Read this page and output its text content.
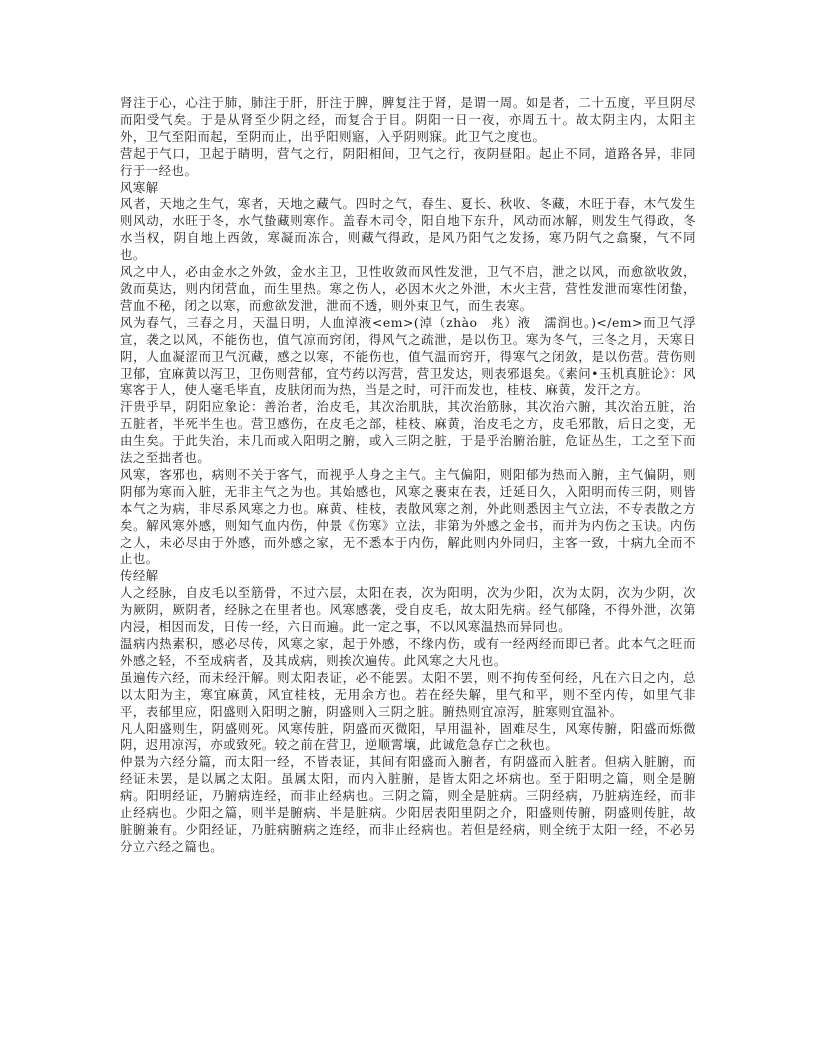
肾注于心，心注于肺，肺注于肝，肝注于脾，脾复注于肾，是谓一周。如是者，二十五度，平旦阴尽而阳受气矣。于是从肾至少阴之经，而复合于目。阴阳一日一夜，亦周五十。故太阴主内，太阳主外，卫气至阳而起，至阴而止，出乎阳则寤，入乎阴则寐。此卫气之度也。

营起于气口，卫起于睛明，营气之行，阴阳相间，卫气之行，夜阴昼阳。起止不同，道路各异，非同行于一经也。

风寒解

风者，天地之生气，寒者，天地之藏气。四时之气，春生、夏长、秋收、冬藏，木旺于春，木气发生则风动，水旺于冬，水气蛰藏则寒作。盖春木司令，阳自地下东升，风动而冰解，则发生气得政，冬水当权，阴自地上西敛，寒凝而冻合，则藏气得政，是风乃阳气之发扬，寒乃阴气之翕聚，气不同也。

风之中人，必由金水之外敛，金水主卫，卫性收敛而风性发泄，卫气不启，泄之以风，而愈欲收敛，敛而莫达，则内闭营血，而生里热。寒之伤人，必因木火之外泄，木火主营，营性发泄而寒性闭蛰，营血不秘，闭之以寒，而愈欲发泄，泄而不透，则外束卫气，而生表寒。

风为春气，三春之月，天温日明，人血淖液<em>(淖（zhào　兆）液　濡润也。)</em>而卫气浮宣，袭之以风，不能伤也，值气凉而窍闭，得风气之疏泄，是以伤卫。寒为冬气，三冬之月，天寒日阴，人血凝涩而卫气沉藏，感之以寒，不能伤也，值气温而窍开，得寒气之闭敛，是以伤营。营伤则卫郁，宜麻黄以泻卫，卫伤则营郁，宜芍药以泻营，营卫发达，则表邪退矣。《素问•玉机真脏论》：风寒客于人，使人毫毛毕直，皮肤闭而为热，当是之时，可汗而发也，桂枝、麻黄，发汗之方。

汗贵乎早，阴阳应象论：善治者，治皮毛，其次治肌肤，其次治筋脉，其次治六腑，其次治五脏，治五脏者，半死半生也。营卫感伤，在皮毛之部，桂枝、麻黄，治皮毛之方，皮毛邪散，后日之变，无由生矣。于此失治，未几而或入阳明之腑，或入三阴之脏，于是乎治腑治脏，危证丛生，工之至下而法之至拙者也。

风寒，客邪也，病则不关于客气，而视乎人身之主气。主气偏阳，则阳郁为热而入腑，主气偏阴，则阴郁为寒而入脏，无非主气之为也。其始感也，风寒之裹束在表，迁延日久，入阳明而传三阴，则皆本气之为病，非尽系风寒之力也。麻黄、桂枝，表散风寒之剂，外此则悉因主气立法，不专表散之方矣。解风寒外感，则知气血内伤，仲景《伤寒》立法，非第为外感之金书，而并为内伤之玉诀。内伤之人，未必尽由于外感，而外感之家，无不悉本于内伤，解此则内外同归，主客一致，十病九全而不止也。

传经解

人之经脉，自皮毛以至筋骨，不过六层，太阳在表，次为阳明，次为少阳，次为太阴，次为少阴，次为厥阴，厥阴者，经脉之在里者也。风寒感袭，受自皮毛，故太阳先病。经气郁隆，不得外泄，次第内浸，相因而发，日传一经，六日而遍。此一定之事，不以风寒温热而异同也。

温病内热素积，感必尽传，风寒之家，起于外感，不缘内伤，或有一经两经而即已者。此本气之旺而外感之轻，不至成病者，及其成病，则挨次遍传。此风寒之大凡也。

虽遍传六经，而未经汗解。则太阳表证，必不能罢。太阳不罢，则不拘传至何经，凡在六日之内，总以太阳为主，寒宜麻黄，风宜桂枝，无用余方也。若在经失解，里气和平，则不至内传，如里气非平，表郁里应，阳盛则入阳明之腑，阴盛则入三阴之脏。腑热则宜凉泻，脏寒则宜温补。

凡人阳盛则生，阴盛则死。风寒传脏，阴盛而灭微阳，早用温补，固难尽生，风寒传腑，阳盛而烁微阴，迟用凉泻，亦或致死。较之前在营卫，逆顺霄壤，此诚危急存亡之秋也。

仲景为六经分篇，而太阳一经，不皆表证，其间有阳盛而入腑者，有阴盛而入脏者。但病入脏腑，而经证未罢，是以属之太阳。虽属太阳，而内入脏腑，是皆太阳之坏病也。至于阳明之篇，则全是腑病。阳明经证，乃腑病连经，而非止经病也。三阴之篇，则全是脏病。三阴经病，乃脏病连经，而非止经病也。少阳之篇，则半是腑病、半是脏病。少阳居表阳里阴之介，阳盛则传腑，阴盛则传脏，故脏腑兼有。少阳经证，乃脏病腑病之连经，而非止经病也。若但是经病，则全统于太阳一经，不必另分立六经之篇也。
